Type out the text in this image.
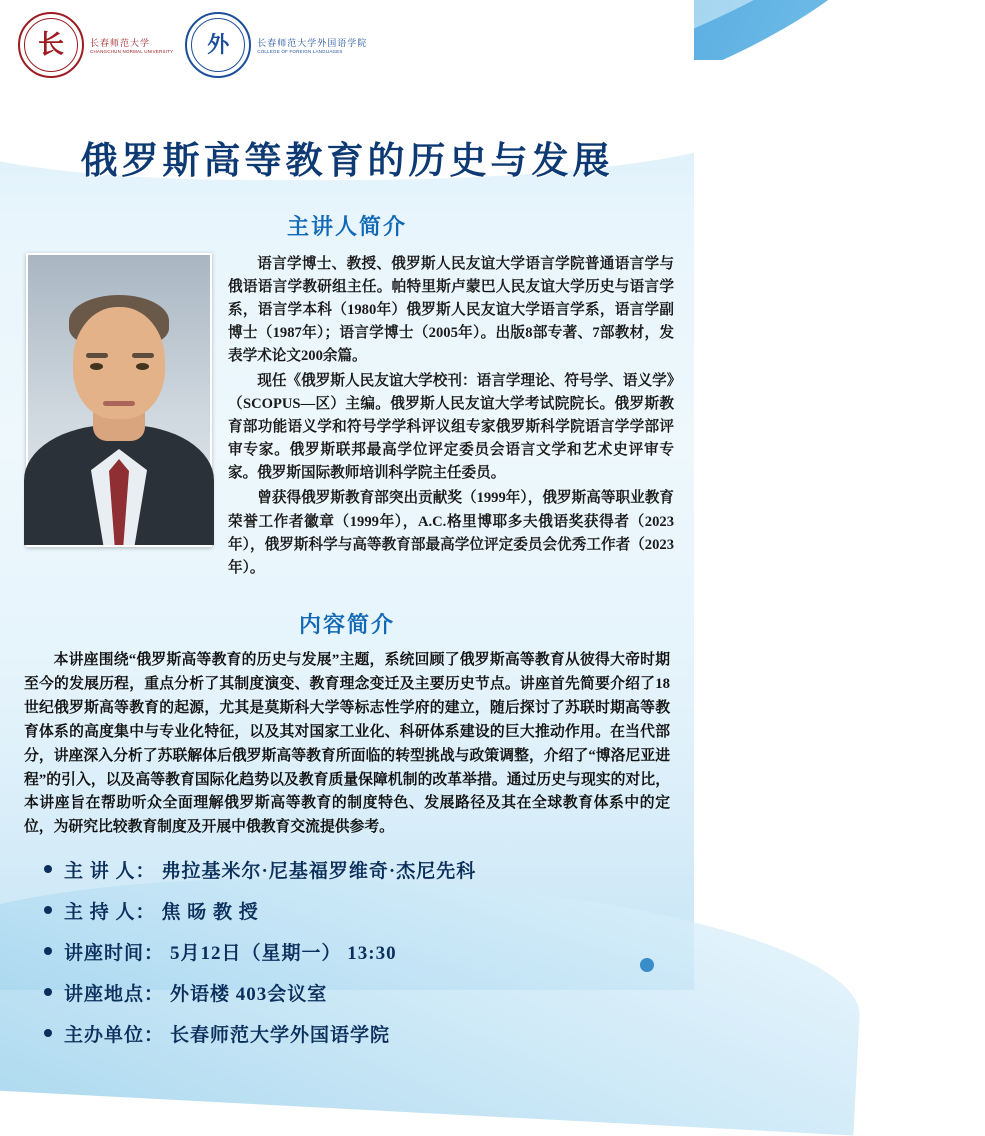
✦
长	长春师范大学
CHANGCHUN NORMAL UNIVERSITY 外	长春师范大学外国语学院
COLLEGE OF FOREIGN LANGUAGES
俄罗斯高等教育的历史与发展
主讲人简介

语言学博士、教授、俄罗斯人民友谊大学语言学院普通语言学与俄语语言学教研组主任。帕特里斯卢蒙巴人民友谊大学历史与语言学系，语言学本科（1980年）俄罗斯人民友谊大学语言学系，语言学副博士（1987年）；语言学博士（2005年）。出版8部专著、7部教材，发表学术论文200余篇。

现任《俄罗斯人民友谊大学校刊：语言学理论、符号学、语义学》（SCOPUS—区）主编。俄罗斯人民友谊大学考试院院长。俄罗斯教育部功能语义学和符号学学科评议组专家俄罗斯科学院语言学学部评审专家。俄罗斯联邦最高学位评定委员会语言文学和艺术史评审专家。俄罗斯国际教师培训科学院主任委员。

曾获得俄罗斯教育部突出贡献奖（1999年），俄罗斯高等职业教育荣誉工作者徽章（1999年），A.C.格里博耶多夫俄语奖获得者（2023年），俄罗斯科学与高等教育部最高学位评定委员会优秀工作者（2023年）。

内容简介
本讲座围绕“俄罗斯高等教育的历史与发展”主题，系统回顾了俄罗斯高等教育从彼得大帝时期至今的发展历程，重点分析了其制度演变、教育理念变迁及主要历史节点。讲座首先简要介绍了18世纪俄罗斯高等教育的起源，尤其是莫斯科大学等标志性学府的建立，随后探讨了苏联时期高等教育体系的高度集中与专业化特征，以及其对国家工业化、科研体系建设的巨大推动作用。在当代部分，讲座深入分析了苏联解体后俄罗斯高等教育所面临的转型挑战与政策调整，介绍了“博洛尼亚进程”的引入，以及高等教育国际化趋势以及教育质量保障机制的改革举措。通过历史与现实的对比，本讲座旨在帮助听众全面理解俄罗斯高等教育的制度特色、发展路径及其在全球教育体系中的定位，为研究比较教育制度及开展中俄教育交流提供参考。
主 讲 人： 弗拉基米尔·尼基福罗维奇·杰尼先科
主 持 人： 焦 旸 教 授
讲座时间： 5月12日（星期一） 13:30
讲座地点： 外语楼 403会议室
主办单位： 长春师范大学外国语学院
